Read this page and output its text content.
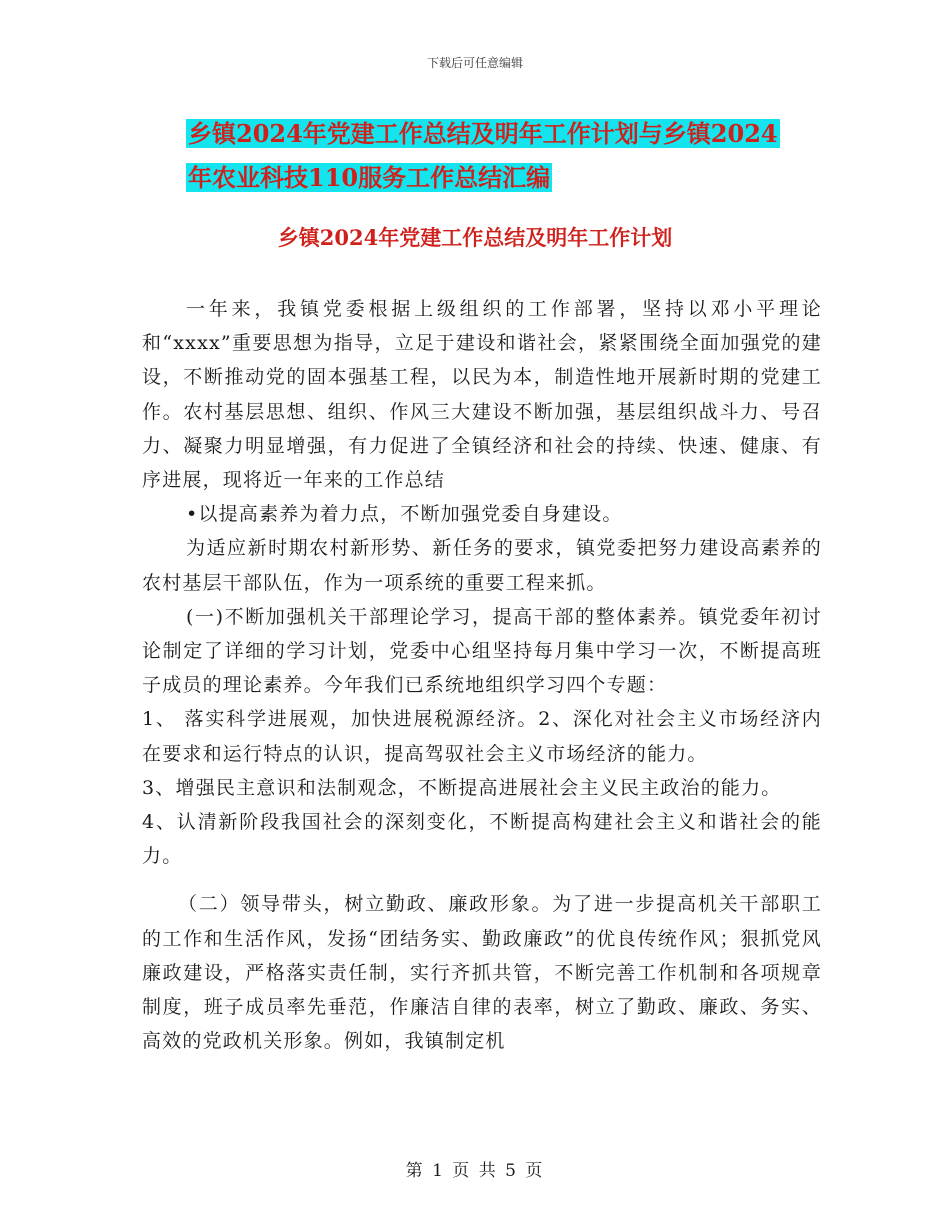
下载后可任意编辑
乡镇2024年党建工作总结及明年工作计划与乡镇2024
年农业科技110服务工作总结汇编
乡镇2024年党建工作总结及明年工作计划

一年来，我镇党委根据上级组织的工作部署，坚持以邓小平理论和“xxxx”重要思想为指导，立足于建设和谐社会，紧紧围绕全面加强党的建设，不断推动党的固本强基工程，以民为本，制造性地开展新时期的党建工作。农村基层思想、组织、作风三大建设不断加强，基层组织战斗力、号召力、凝聚力明显增强，有力促进了全镇经济和社会的持续、快速、健康、有序进展，现将近一年来的工作总结

•以提高素养为着力点，不断加强党委自身建设。

为适应新时期农村新形势、新任务的要求，镇党委把努力建设高素养的农村基层干部队伍，作为一项系统的重要工程来抓。

(一)不断加强机关干部理论学习，提高干部的整体素养。镇党委年初讨论制定了详细的学习计划，党委中心组坚持每月集中学习一次，不断提高班子成员的理论素养。今年我们已系统地组织学习四个专题：

1、 落实科学进展观，加快进展税源经济。2、深化对社会主义市场经济内在要求和运行特点的认识，提高驾驭社会主义市场经济的能力。

3、增强民主意识和法制观念，不断提高进展社会主义民主政治的能力。

4、认清新阶段我国社会的深刻变化，不断提高构建社会主义和谐社会的能力。

（二）领导带头，树立勤政、廉政形象。为了进一步提高机关干部职工的工作和生活作风，发扬“团结务实、勤政廉政”的优良传统作风；狠抓党风廉政建设，严格落实责任制，实行齐抓共管，不断完善工作机制和各项规章制度，班子成员率先垂范，作廉洁自律的表率，树立了勤政、廉政、务实、高效的党政机关形象。例如，我镇制定机

第 1 页 共 5 页
